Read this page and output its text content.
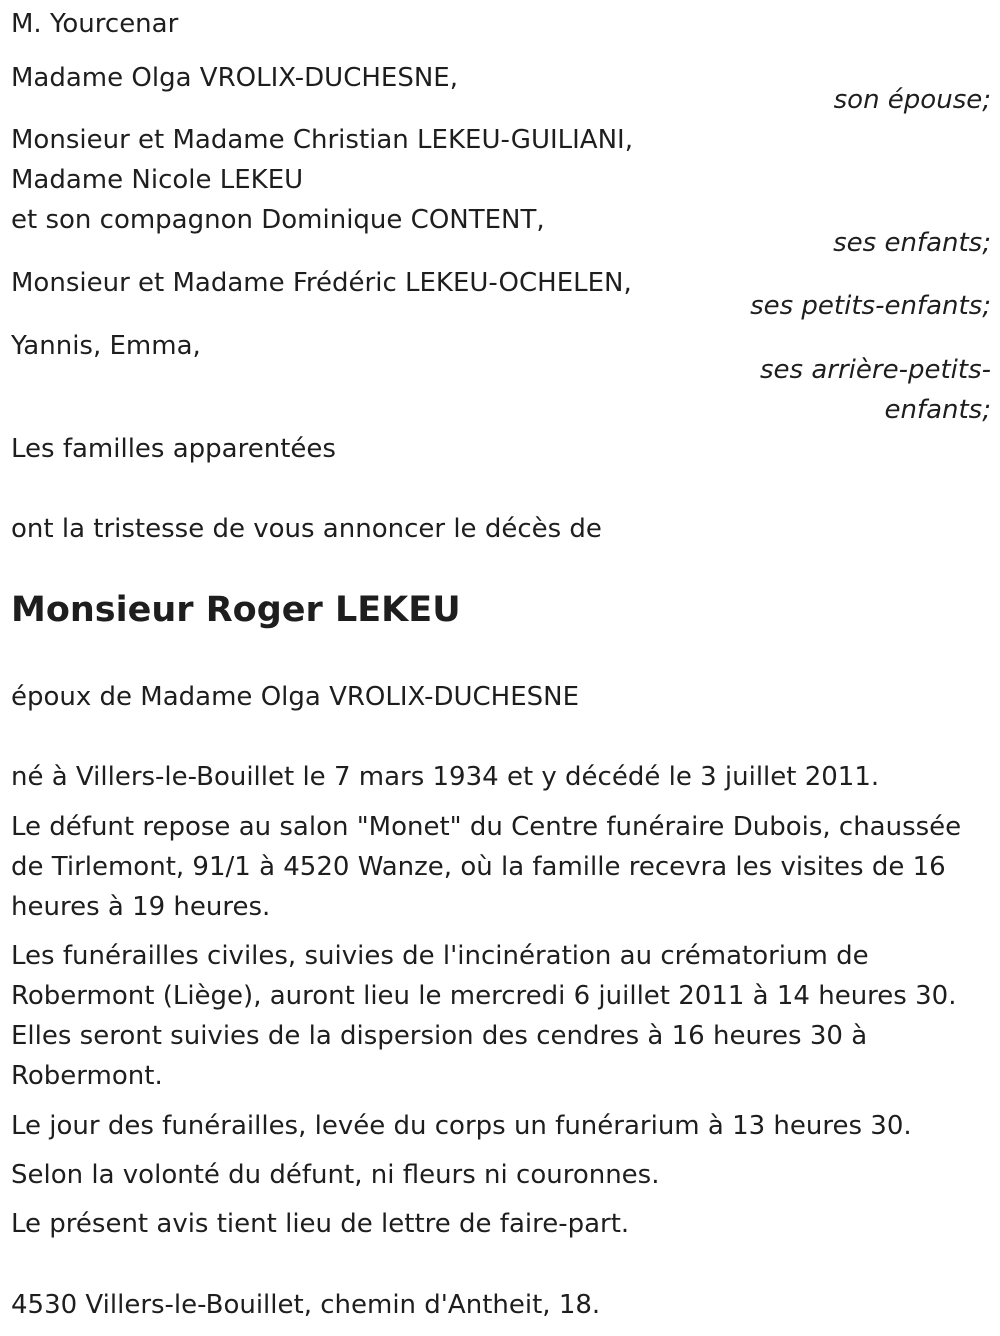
M. Yourcenar

Madame Olga VROLIX-DUCHESNE,

son épouse;

Monsieur et Madame Christian LEKEU-GUILIANI,

Madame Nicole LEKEU

et son compagnon Dominique CONTENT,

ses enfants;

Monsieur et Madame Frédéric LEKEU-OCHELEN,

ses petits-enfants;

Yannis, Emma,

ses arrière-petits-

enfants;

Les familles apparentées

ont la tristesse de vous annoncer le décès de

Monsieur Roger LEKEU

époux de Madame Olga VROLIX-DUCHESNE

né à Villers-le-Bouillet le 7 mars 1934 et y décédé le 3 juillet 2011.

Le défunt repose au salon "Monet" du Centre funéraire Dubois, chaussée

de Tirlemont, 91/1 à 4520 Wanze, où la famille recevra les visites de 16

heures à 19 heures.

Les funérailles civiles, suivies de l'incinération au crématorium de

Robermont (Liège), auront lieu le mercredi 6 juillet 2011 à 14 heures 30.

Elles seront suivies de la dispersion des cendres à 16 heures 30 à

Robermont.

Le jour des funérailles, levée du corps un funérarium à 13 heures 30.

Selon la volonté du défunt, ni fleurs ni couronnes.

Le présent avis tient lieu de lettre de faire-part.

4530 Villers-le-Bouillet, chemin d'Antheit, 18.
